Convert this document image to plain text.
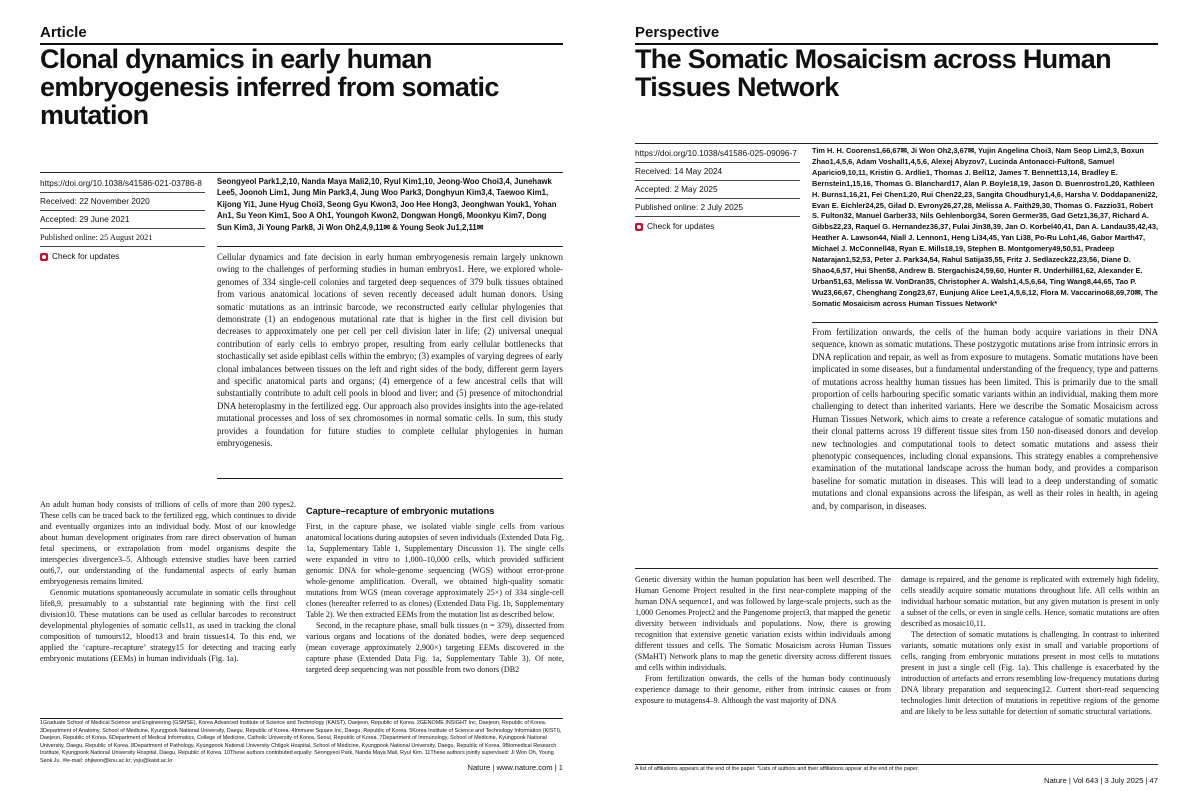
Article
Clonal dynamics in early human embryogenesis inferred from somatic mutation
https://doi.org/10.1038/s41586-021-03786-8
Received: 22 November 2020
Accepted: 29 June 2021
Published online: 25 August 2021
Check for updates
Seongyeol Park1,2,10, Nanda Maya Mali2,10, Ryul Kim1,10, Jeong-Woo Choi3,4, Junehawk Lee5, Joonoh Lim1, Jung Min Park3,4, Jung Woo Park3, Donghyun Kim3,4, Taewoo Kim1, Kijong Yi1, June Hyug Choi3, Seong Gyu Kwon3, Joo Hee Hong3, Jeonghwan Youk1, Yohan An1, Su Yeon Kim1, Soo A Oh1, Youngoh Kwon2, Dongwan Hong6, Moonkyu Kim7, Dong Sun Kim3, Ji Young Park8, Ji Won Oh2,4,9,11✉ & Young Seok Ju1,2,11✉

Cellular dynamics and fate decision in early human embryogenesis remain largely unknown owing to the challenges of performing studies in human embryos1. Here, we explored whole-genomes of 334 single-cell colonies and targeted deep sequences of 379 bulk tissues obtained from various anatomical locations of seven recently deceased adult human donors. Using somatic mutations as an intrinsic barcode, we reconstructed early cellular phylogenies that demonstrate (1) an endogenous mutational rate that is higher in the first cell division but decreases to approximately one per cell per cell division later in life; (2) universal unequal contribution of early cells to embryo proper, resulting from early cellular bottlenecks that stochastically set aside epiblast cells within the embryo; (3) examples of varying degrees of early clonal imbalances between tissues on the left and right sides of the body, different germ layers and specific anatomical parts and organs; (4) emergence of a few ancestral cells that will substantially contribute to adult cell pools in blood and liver; and (5) presence of mitochondrial DNA heteroplasmy in the fertilized egg. Our approach also provides insights into the age-related mutational processes and loss of sex chromosomes in normal somatic cells. In sum, this study provides a foundation for future studies to complete cellular phylogenies in human embryogenesis.

An adult human body consists of trillions of cells of more than 200 types2. These cells can be traced back to the fertilized egg, which continues to divide and eventually organizes into an individual body. Most of our knowledge about human development originates from rare direct observation of human fetal specimens, or extrapolation from model organisms despite the interspecies divergence3–5. Although extensive studies have been carried out6,7, our understanding of the fundamental aspects of early human embryogenesis remains limited.

Genomic mutations spontaneously accumulate in somatic cells throughout life8,9, presumably to a substantial rate beginning with the first cell division10. These mutations can be used as cellular barcodes to reconstruct developmental phylogenies of somatic cells11, as used in tracking the clonal composition of tumours12, blood13 and brain tissues14. To this end, we applied the ‘capture–recapture’ strategy15 for detecting and tracing early embryonic mutations (EEMs) in human individuals (Fig. 1a).

Capture–recapture of embryonic mutations

First, in the capture phase, we isolated viable single cells from various anatomical locations during autopsies of seven individuals (Extended Data Fig. 1a, Supplementary Table 1, Supplementary Discussion 1). The single cells were expanded in vitro to 1,000–10,000 cells, which provided sufficient genomic DNA for whole-genome sequencing (WGS) without error-prone whole-genome amplification. Overall, we obtained high-quality somatic mutations from WGS (mean coverage approximately 25×) of 334 single-cell clones (hereafter referred to as clones) (Extended Data Fig. 1b, Supplementary Table 2). We then extracted EEMs from the mutation list as described below.

Second, in the recapture phase, small bulk tissues (n = 379), dissected from various organs and locations of the donated bodies, were deep sequenced (mean coverage approximately 2,900×) targeting EEMs discovered in the capture phase (Extended Data Fig. 1a, Supplementary Table 3). Of note, targeted deep sequencing was not possible from two donors (DB2

1Graduate School of Medical Science and Engineering (GSMSE), Korea Advanced Institute of Science and Technology (KAIST), Daejeon, Republic of Korea. 2GENOME INSIGHT Inc, Daejeon, Republic of Korea. 3Department of Anatomy, School of Medicine, Kyungpook National University, Daegu, Republic of Korea. 4Immune Square Inc, Daegu, Republic of Korea. 5Korea Institute of Science and Technology Information (KISTI), Daejeon, Republic of Korea. 6Department of Medical Informatics, College of Medicine, Catholic University of Korea, Seoul, Republic of Korea. 7Department of Immunology, School of Medicine, Kyungpook National University, Daegu, Republic of Korea. 8Department of Pathology, Kyungpook National University Chilgok Hospital, School of Medicine, Kyungpook National University, Daegu, Republic of Korea. 9Biomedical Research Institute, Kyungpook National University Hospital, Daegu, Republic of Korea. 10These authors contributed equally: Seongyeol Park, Nanda Maya Mali, Ryul Kim. 11These authors jointly supervised: Ji Won Oh, Young Seok Ju. ✉e-mail: ohjiwon@knu.ac.kr; ysju@kaist.ac.kr
Nature | www.nature.com | 1
Perspective
The Somatic Mosaicism across Human Tissues Network
https://doi.org/10.1038/s41586-025-09096-7
Received: 14 May 2024
Accepted: 2 May 2025
Published online: 2 July 2025
Check for updates
Tim H. H. Coorens1,66,67✉, Ji Won Oh2,3,67✉, Yujin Angelina Choi3, Nam Seop Lim2,3, Boxun Zhao1,4,5,6, Adam Voshall1,4,5,6, Alexej Abyzov7, Lucinda Antonacci-Fulton8, Samuel Aparicio9,10,11, Kristin G. Ardlie1, Thomas J. Bell12, James T. Bennett13,14, Bradley E. Bernstein1,15,16, Thomas G. Blanchard17, Alan P. Boyle18,19, Jason D. Buenrostro1,20, Kathleen H. Burns1,16,21, Fei Chen1,20, Rui Chen22,23, Sangita Choudhury1,4,6, Harsha V. Doddapaneni22, Evan E. Eichler24,25, Gilad D. Evrony26,27,28, Melissa A. Faith29,30, Thomas G. Fazzio31, Robert S. Fulton32, Manuel Garber33, Nils Gehlenborg34, Soren Germer35, Gad Getz1,36,37, Richard A. Gibbs22,23, Raquel G. Hernandez36,37, Fulai Jin38,39, Jan O. Korbel40,41, Dan A. Landau35,42,43, Heather A. Lawson44, Niall J. Lennon1, Heng Li34,45, Yan Li38, Po-Ru Loh1,46, Gabor Marth47, Michael J. McConnell48, Ryan E. Mills18,19, Stephen B. Montgomery49,50,51, Pradeep Natarajan1,52,53, Peter J. Park34,54, Rahul Satija35,55, Fritz J. Sedlazeck22,23,56, Diane D. Shao4,6,57, Hui Shen58, Andrew B. Stergachis24,59,60, Hunter R. Underhill61,62, Alexander E. Urban51,63, Melissa W. VonDran35, Christopher A. Walsh1,4,5,6,64, Ting Wang8,44,65, Tao P. Wu23,66,67, Chenghang Zong23,67, Eunjung Alice Lee1,4,5,6,12, Flora M. Vaccarino68,69,70✉, The Somatic Mosaicism across Human Tissues Network*

From fertilization onwards, the cells of the human body acquire variations in their DNA sequence, known as somatic mutations. These postzygotic mutations arise from intrinsic errors in DNA replication and repair, as well as from exposure to mutagens. Somatic mutations have been implicated in some diseases, but a fundamental understanding of the frequency, type and patterns of mutations across healthy human tissues has been limited. This is primarily due to the small proportion of cells harbouring specific somatic variants within an individual, making them more challenging to detect than inherited variants. Here we describe the Somatic Mosaicism across Human Tissues Network, which aims to create a reference catalogue of somatic mutations and their clonal patterns across 19 different tissue sites from 150 non-diseased donors and develop new technologies and computational tools to detect somatic mutations and assess their phenotypic consequences, including clonal expansions. This strategy enables a comprehensive examination of the mutational landscape across the human body, and provides a comparison baseline for somatic mutation in diseases. This will lead to a deep understanding of somatic mutations and clonal expansions across the lifespan, as well as their roles in health, in ageing and, by comparison, in diseases.

Genetic diversity within the human population has been well described. The Human Genome Project resulted in the first near-complete mapping of the human DNA sequence1, and was followed by large-scale projects, such as the 1,000 Genomes Project2 and the Pangenome project3, that mapped the genetic diversity between individuals and populations. Now, there is growing recognition that extensive genetic variation exists within individuals among different tissues and cells. The Somatic Mosaicism across Human Tissues (SMaHT) Network plans to map the genetic diversity across different tissues and cells within individuals.

From fertilization onwards, the cells of the human body continuously experience damage to their genome, either from intrinsic causes or from exposure to mutagens4–9. Although the vast majority of DNA

damage is repaired, and the genome is replicated with extremely high fidelity, cells steadily acquire somatic mutations throughout life. All cells within an individual harbour somatic mutation, but any given mutation is present in only a subset of the cells, or even in single cells. Hence, somatic mutations are often described as mosaic10,11.

The detection of somatic mutations is challenging. In contrast to inherited variants, somatic mutations only exist in small and variable proportions of cells, ranging from embryonic mutations present in most cells to mutations present in just a single cell (Fig. 1a). This challenge is exacerbated by the introduction of artefacts and errors resembling low-frequency mutations during DNA library preparation and sequencing12. Current short-read sequencing technologies limit detection of mutations in repetitive regions of the genome and are likely to be less suitable for detection of somatic structural variations.

A list of affiliations appears at the end of the paper. *Lists of authors and their affiliations appear at the end of the paper.
Nature | Vol 643 | 3 July 2025 | 47
